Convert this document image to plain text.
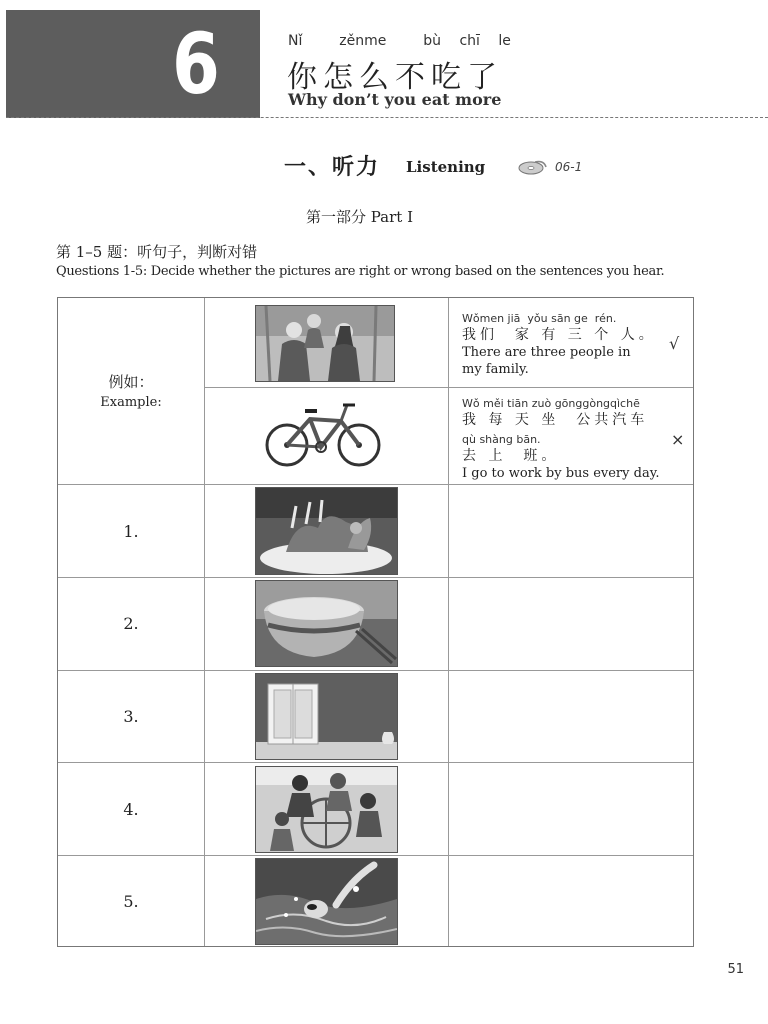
6	Nǐ  zěnme  bù chī le
你怎么不吃了
Why don’t you eat more
一、听力 Listening	06-1
第一部分 Part Ⅰ
第 1–5 题：听句子，判断对错
Questions 1-5: Decide whether the pictures are right or wrong based on the sentences you hear.
例如：
Example:
Wǒmen jiā  yǒu sān ge  rén.
我们  家 有 三 个 人。
There are three people in
my family.
√
Wǒ měi tiān zuò gōnggòngqìchē
我 每 天 坐  公共汽车
qù shàng bān.
去 上  班。
I go to work by bus every day.
×
1.
2.
3.
4.
5.
51
